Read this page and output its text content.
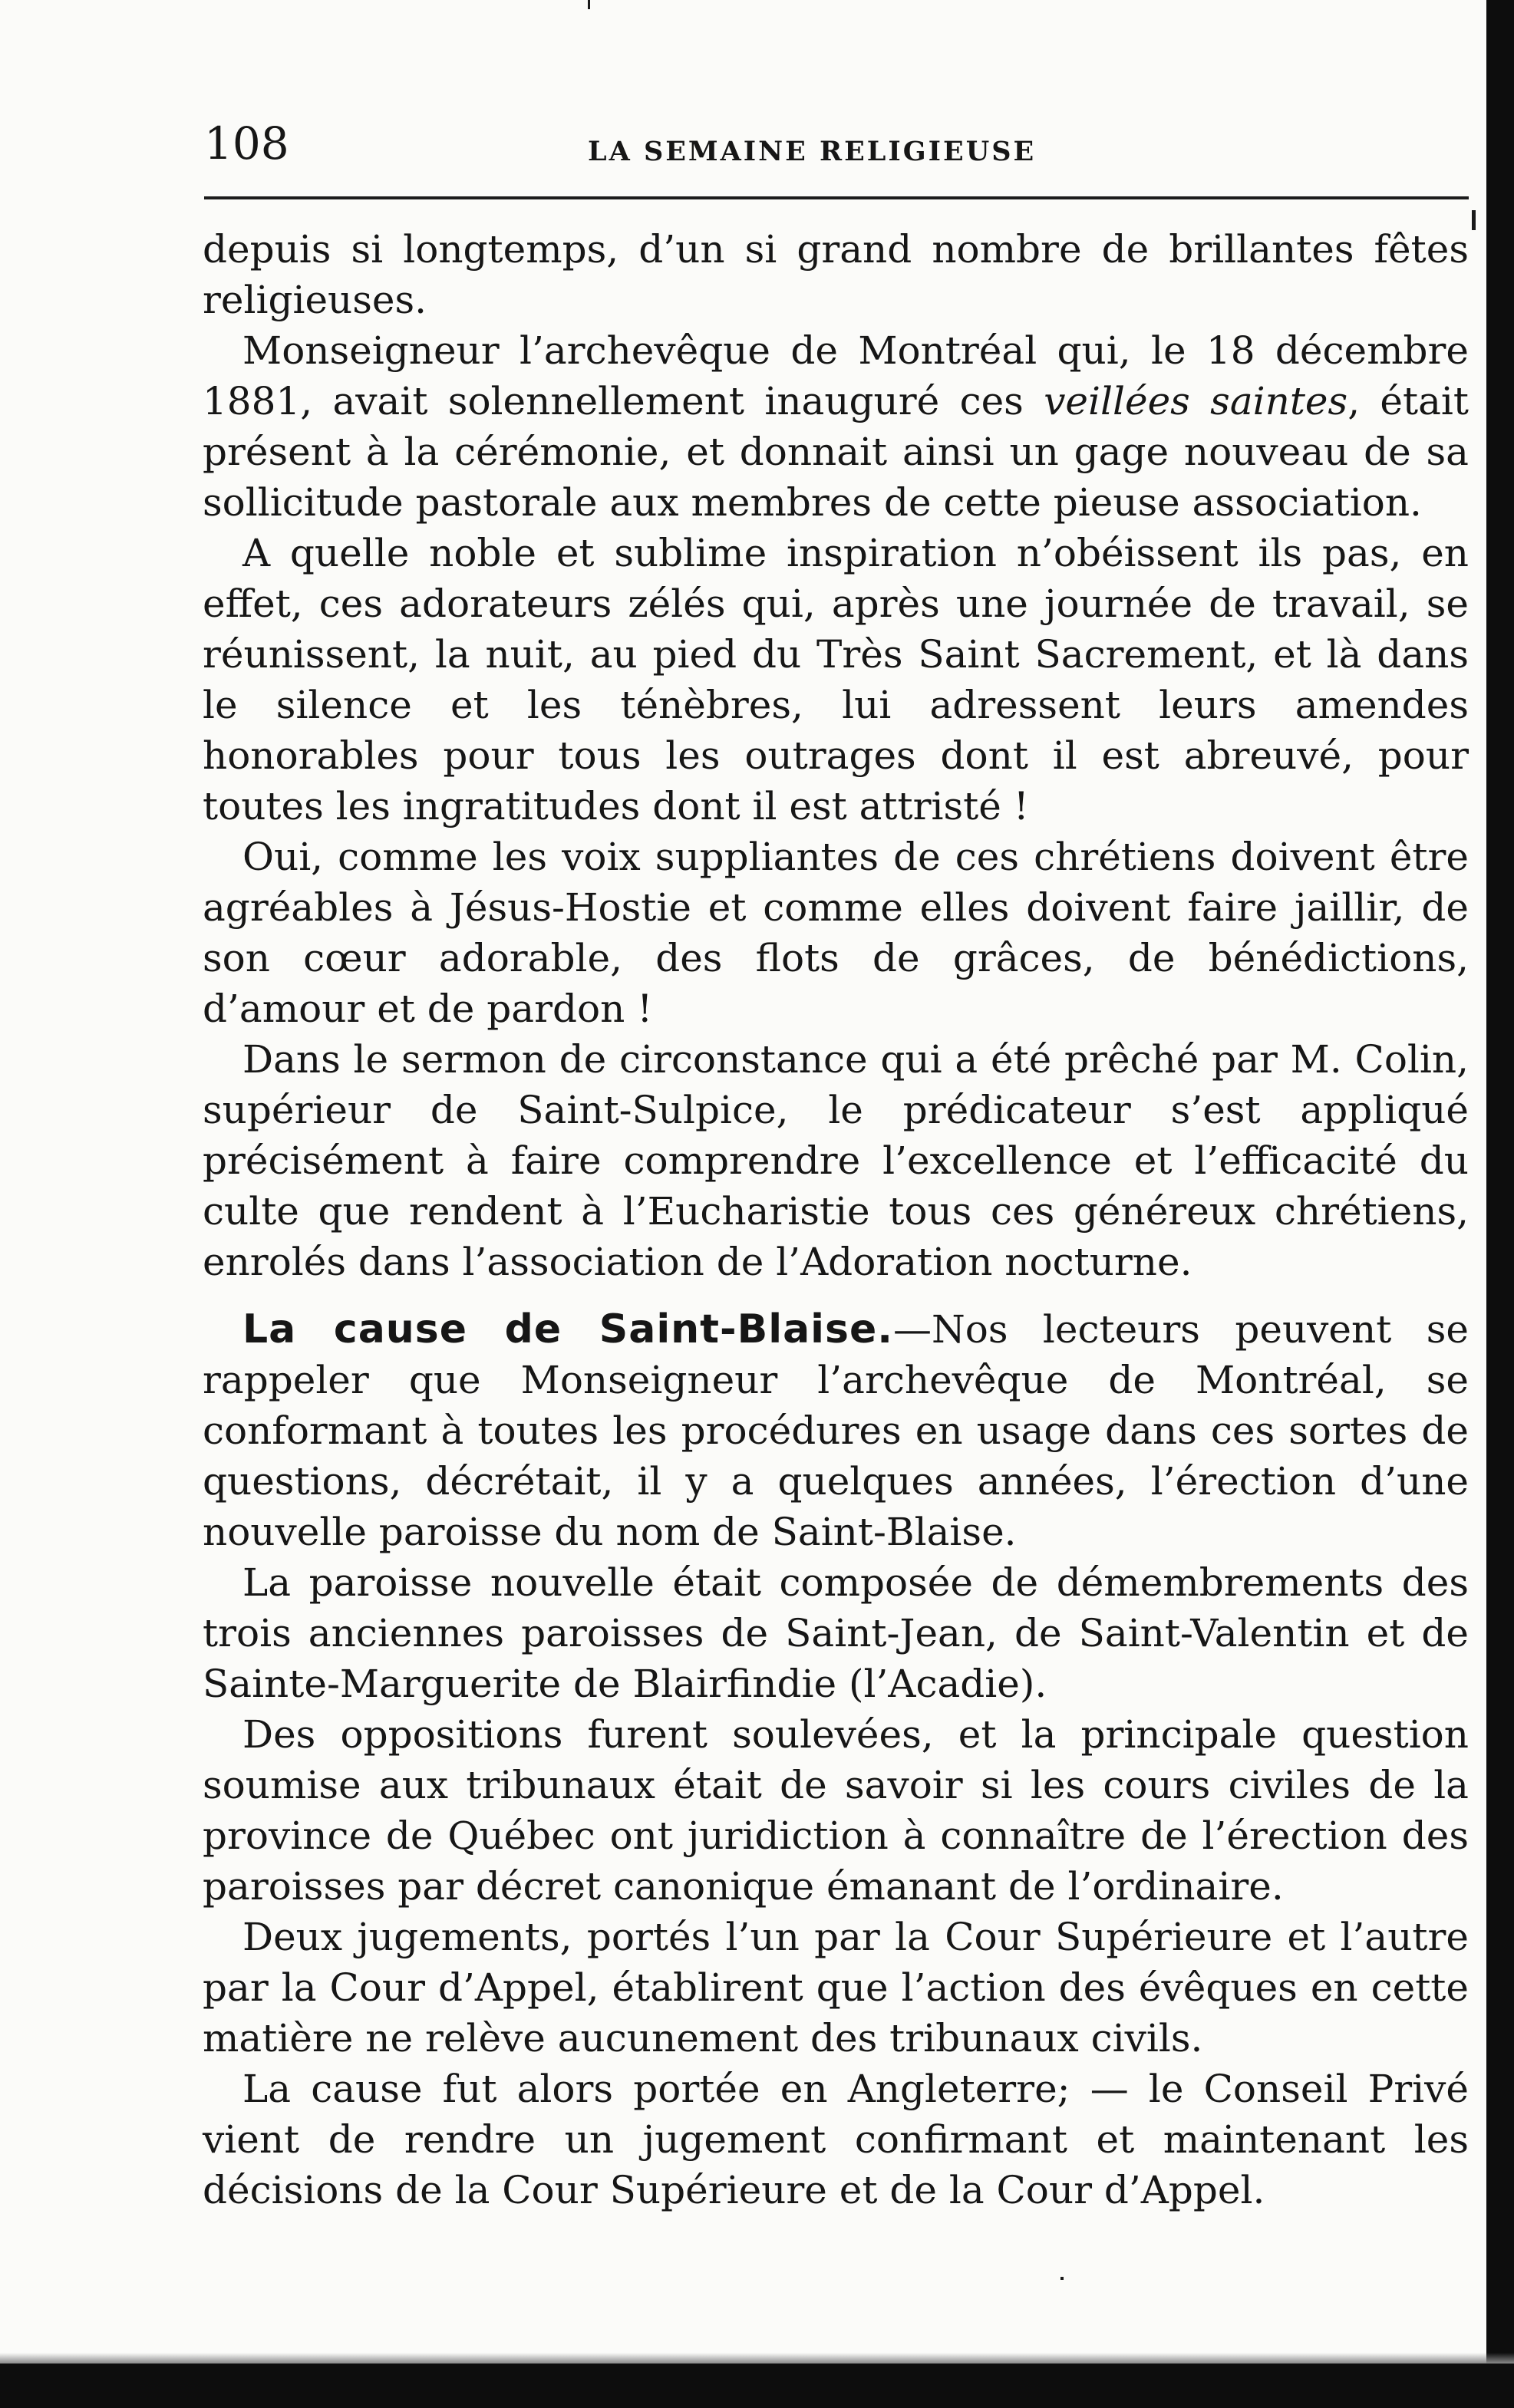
108	LA SEMAINE RELIGIEUSE

depuis si longtemps, d’un si grand nombre de brillantes fêtes religieuses.

Monseigneur l’archevêque de Montréal qui, le 18 décembre 1881, avait solennellement inauguré ces veillées saintes, était présent à la cérémonie, et donnait ainsi un gage nouveau de sa sollicitude pastorale aux membres de cette pieuse association.

A quelle noble et sublime inspiration n’obéissent ils pas, en effet, ces adorateurs zélés qui, après une journée de travail, se réunissent, la nuit, au pied du Très Saint Sacrement, et là dans le silence et les ténèbres, lui adressent leurs amendes honorables pour tous les outrages dont il est abreuvé, pour toutes les ingratitudes dont il est attristé !

Oui, comme les voix suppliantes de ces chrétiens doivent être agréables à Jésus-Hostie et comme elles doivent faire jaillir, de son cœur adorable, des flots de grâces, de bénédictions, d’amour et de pardon !

Dans le sermon de circonstance qui a été prêché par M. Colin, supérieur de Saint-Sulpice, le prédicateur s’est appliqué précisément à faire comprendre l’excellence et l’efficacité du culte que rendent à l’Eucharistie tous ces généreux chrétiens, enrolés dans l’association de l’Adoration nocturne.

La cause de Saint-Blaise.—Nos lecteurs peuvent se rappeler que Monseigneur l’archevêque de Montréal, se conformant à toutes les procédures en usage dans ces sortes de questions, décrétait, il y a quelques années, l’érection d’une nouvelle paroisse du nom de Saint-Blaise.

La paroisse nouvelle était composée de démembrements des trois anciennes paroisses de Saint-Jean, de Saint-Valentin et de Sainte-Marguerite de Blairfindie (l’Acadie).

Des oppositions furent soulevées, et la principale question soumise aux tribunaux était de savoir si les cours civiles de la province de Québec ont juridiction à connaître de l’érection des paroisses par décret canonique émanant de l’ordinaire.

Deux jugements, portés l’un par la Cour Supérieure et l’autre par la Cour d’Appel, établirent que l’action des évêques en cette matière ne relève aucunement des tribunaux civils.

La cause fut alors portée en Angleterre; — le Conseil Privé vient de rendre un jugement confirmant et maintenant les décisions de la Cour Supérieure et de la Cour d’Appel.
